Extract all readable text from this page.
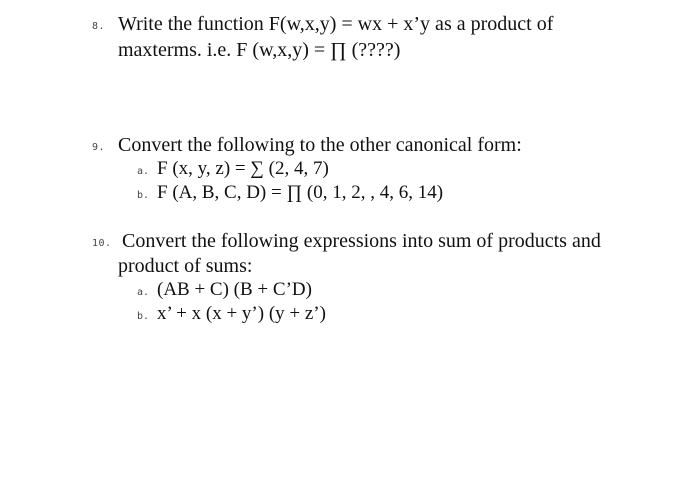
8. Write the function F(w,x,y) = wx + x’y as a product of
maxterms. i.e. F (w,x,y) = ∏ (????)
9. Convert the following to the other canonical form:
a. F (x, y, z) = ∑ (2, 4, 7)
b. F (A, B, C, D) = ∏ (0, 1, 2, , 4, 6, 14)
10. Convert the following expressions into sum of products and
product of sums:
a. (AB + C) (B + C’D)
b. x’ + x (x + y’) (y + z’)
